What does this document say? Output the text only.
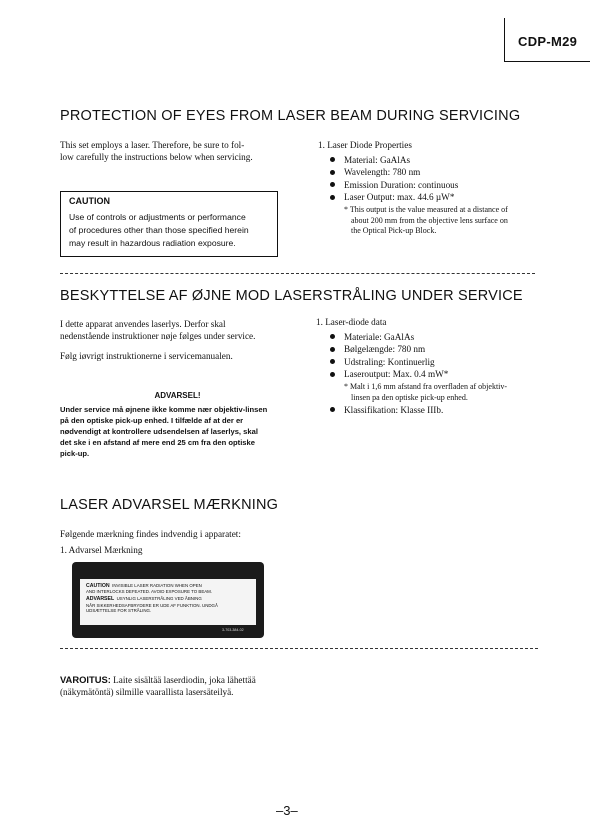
CDP-M29
PROTECTION OF EYES FROM LASER BEAM DURING SERVICING
This set employs a laser. Therefore, be sure to fol-
low carefully the instructions below when servicing.
CAUTION
Use of controls or adjustments or performance
of procedures other than those specified herein
may result in hazardous radiation exposure.
1. Laser Diode Properties
Material: GaAlAs
Wavelength: 780 nm
Emission Duration: continuous
Laser Output: max. 44.6 µW*
* This output is the value measured at a distance of
about 200 mm from the objective lens surface on
the Optical Pick-up Block.
BESKYTTELSE AF ØJNE MOD LASERSTRÅLING UNDER SERVICE
I dette apparat anvendes laserlys. Derfor skal
nedenstående instruktioner nøje følges under service.
Følg iøvrigt instruktionerne i servicemanualen.
ADVARSEL!
Under service må øjnene ikke komme nær objektiv-linsen
på den optiske pick-up enhed. I tilfælde af at der er
nødvendigt at kontrollere udsendelsen af laserlys, skal
det ske i en afstand af mere end 25 cm fra den optiske
pick-up.
1. Laser-diode data
Materiale: GaAlAs
Bølgelængde: 780 nm
Udstraling: Kontinuerlig
Laseroutput: Max. 0.4 mW*
* Malt i 1,6 mm afstand fra overfladen af objektiv-
linsen pa den optiske pick-up enhed.
Klassifikation: Klasse IIIb.
LASER ADVARSEL MÆRKNING
Følgende mærkning findes indvendig i apparatet:
1. Advarsel Mærkning
CAUTION INVISIBLE LASER RADIATION WHEN OPEN
AND INTERLOCKS DEFEATED. AVOID EXPOSURE TO BEAM.
ADVARSEL USYNLIG LASERSTRÅLING VED ÅBNING
NÅR SIKKERHEDSAFBRYDERE ER UDE AF FUNKTION. UNDGÅ
UDSÆTTELSE FOR STRÅLING.
3-703-384-02
VAROITUS: Laite sisältää laserdiodin, joka lähettää
(näkymätöntä) silmille vaarallista lasersäteilyä.
–3–
